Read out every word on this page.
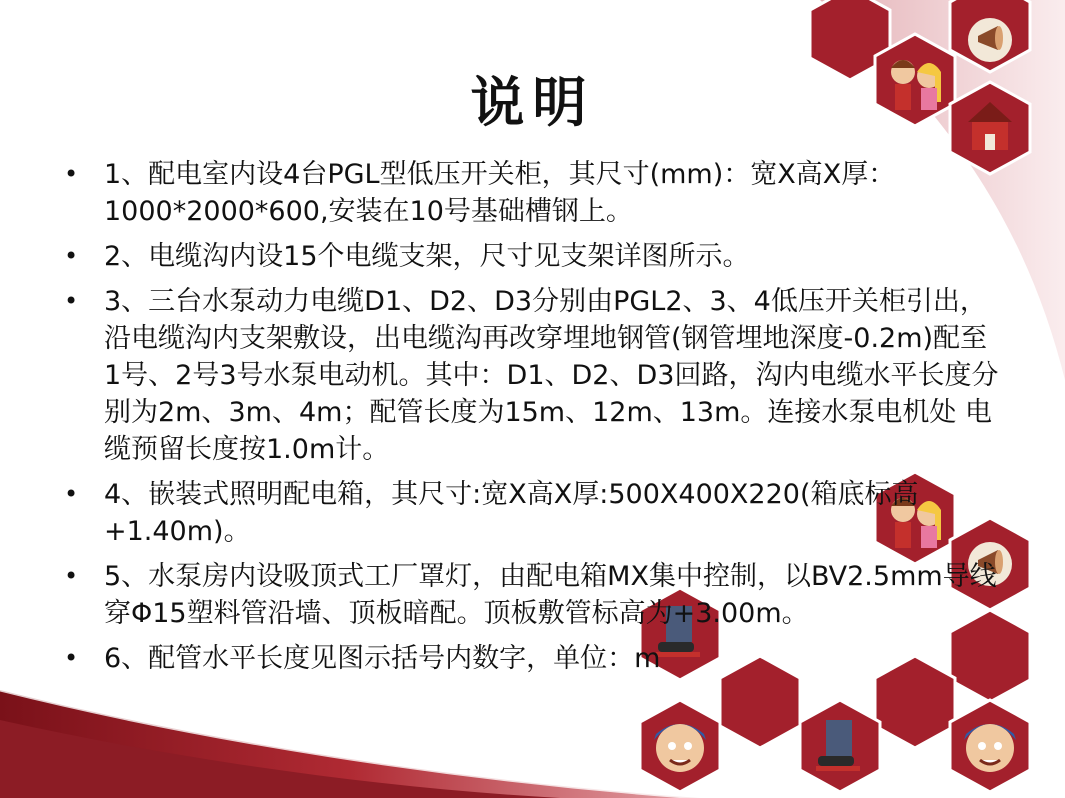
说明
• 1、配电室内设4台PGL型低压开关柜，其尺寸(mm)：宽X高X厚：1000*2000*600,安装在10号基础槽钢上。
• 2、电缆沟内设15个电缆支架，尺寸见支架详图所示。
• 3、三台水泵动力电缆D1、D2、D3分别由PGL2、3、4低压开关柜引出，沿电缆沟内支架敷设，出电缆沟再改穿埋地钢管(钢管埋地深度-0.2m)配至1号、2号3号水泵电动机。其中：D1、D2、D3回路，沟内电缆水平长度分别为2m、3m、4m；配管长度为15m、12m、13m。连接水泵电机处 电缆预留长度按1.0m计。
• 4、嵌装式照明配电箱，其尺寸:宽X高X厚:500X400X220(箱底标高+1.40m)。
• 5、水泵房内设吸顶式工厂罩灯，由配电箱MX集中控制，以BV2.5mm导线穿Φ15塑料管沿墙、顶板暗配。顶板敷管标高为+3.00m。
• 6、配管水平长度见图示括号内数字，单位：m
